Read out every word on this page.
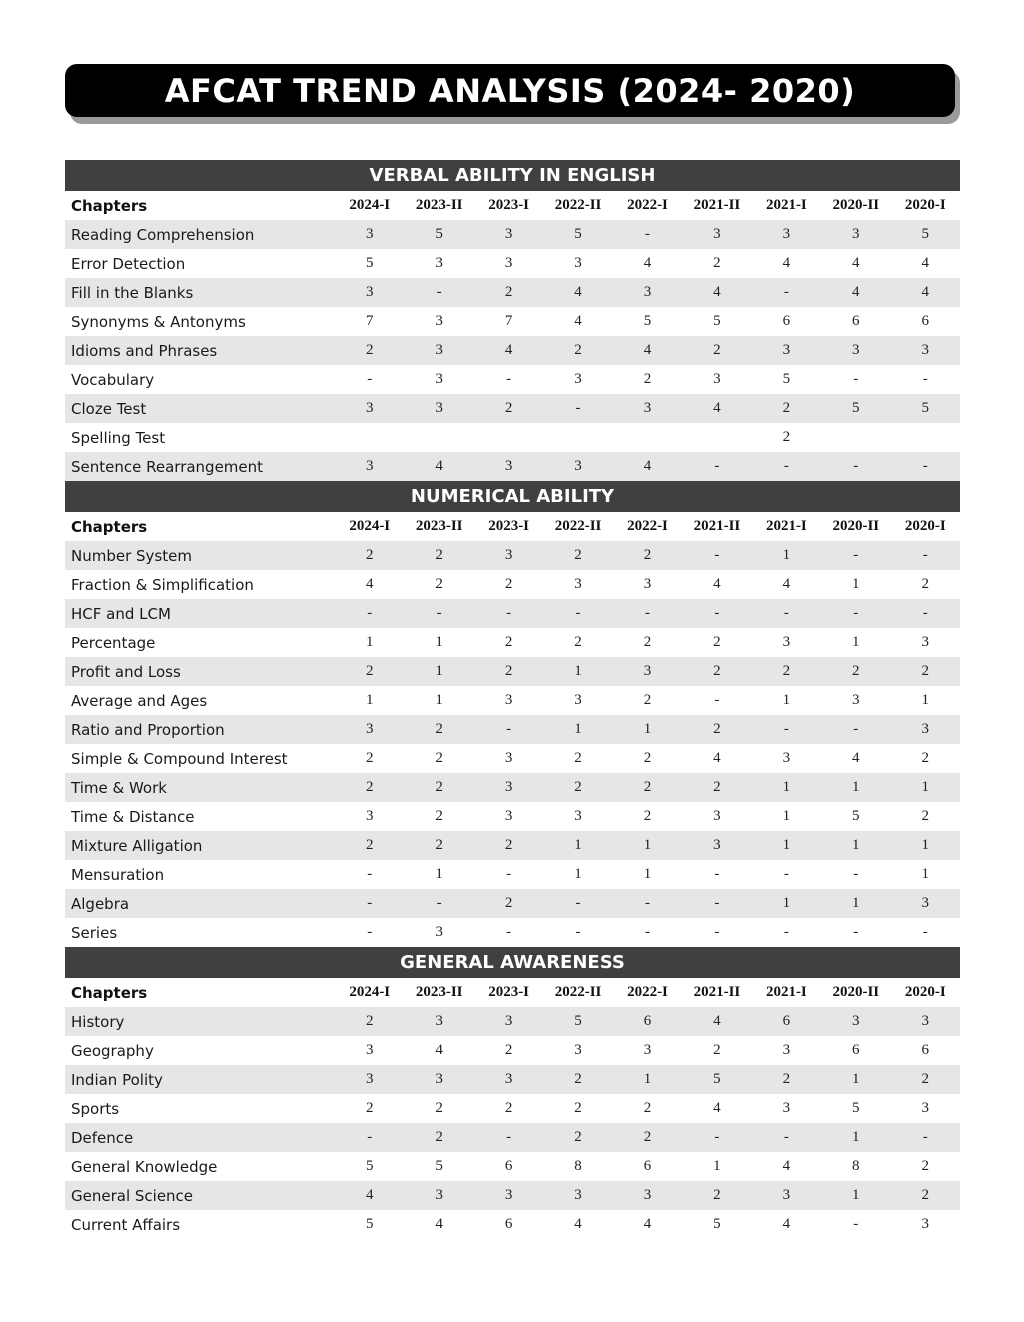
AFCAT TREND ANALYSIS (2024- 2020)
VERBAL ABILITY IN ENGLISH									
Chapters	2024-I	2023-II	2023-I	2022-II	2022-I	2021-II	2021-I	2020-II	2020-I
Reading Comprehension	3	5	3	5	-	3	3	3	5
Error Detection	5	3	3	3	4	2	4	4	4
Fill in the Blanks	3	-	2	4	3	4	-	4	4
Synonyms & Antonyms	7	3	7	4	5	5	6	6	6
Idioms and Phrases	2	3	4	2	4	2	3	3	3
Vocabulary	-	3	-	3	2	3	5	-	-
Cloze Test	3	3	2	-	3	4	2	5	5
Spelling Test							2		
Sentence Rearrangement	3	4	3	3	4	-	-	-	-
NUMERICAL ABILITY									
Chapters	2024-I	2023-II	2023-I	2022-II	2022-I	2021-II	2021-I	2020-II	2020-I
Number System	2	2	3	2	2	-	1	-	-
Fraction & Simplification	4	2	2	3	3	4	4	1	2
HCF and LCM	-	-	-	-	-	-	-	-	-
Percentage	1	1	2	2	2	2	3	1	3
Profit and Loss	2	1	2	1	3	2	2	2	2
Average and Ages	1	1	3	3	2	-	1	3	1
Ratio and Proportion	3	2	-	1	1	2	-	-	3
Simple & Compound Interest	2	2	3	2	2	4	3	4	2
Time & Work	2	2	3	2	2	2	1	1	1
Time & Distance	3	2	3	3	2	3	1	5	2
Mixture Alligation	2	2	2	1	1	3	1	1	1
Mensuration	-	1	-	1	1	-	-	-	1
Algebra	-	-	2	-	-	-	1	1	3
Series	-	3	-	-	-	-	-	-	-
GENERAL AWARENESS									
Chapters	2024-I	2023-II	2023-I	2022-II	2022-I	2021-II	2021-I	2020-II	2020-I
History	2	3	3	5	6	4	6	3	3
Geography	3	4	2	3	3	2	3	6	6
Indian Polity	3	3	3	2	1	5	2	1	2
Sports	2	2	2	2	2	4	3	5	3
Defence	-	2	-	2	2	-	-	1	-
General Knowledge	5	5	6	8	6	1	4	8	2
General Science	4	3	3	3	3	2	3	1	2
Current Affairs	5	4	6	4	4	5	4	-	3
